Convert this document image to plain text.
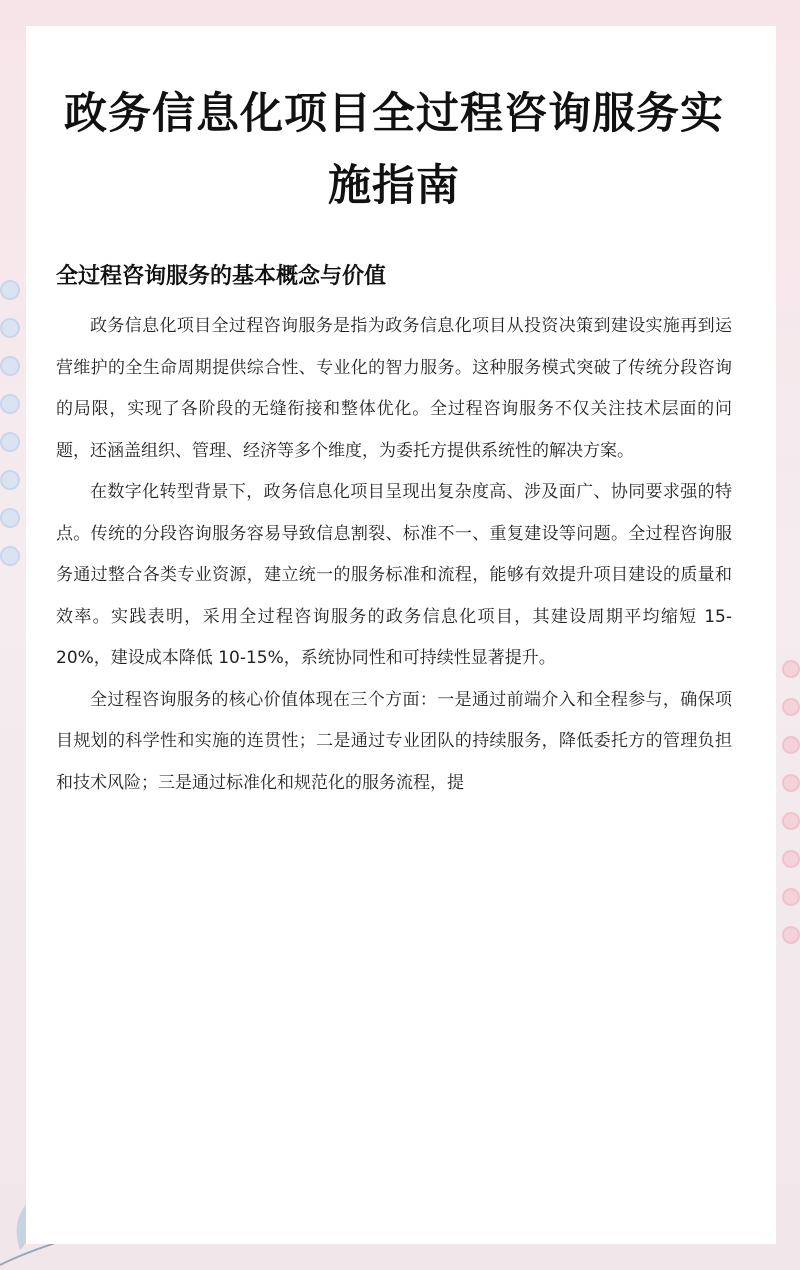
政务信息化项目全过程咨询服务实施指南
全过程咨询服务的基本概念与价值

政务信息化项目全过程咨询服务是指为政务信息化项目从投资决策到建设实施再到运营维护的全生命周期提供综合性、专业化的智力服务。这种服务模式突破了传统分段咨询的局限，实现了各阶段的无缝衔接和整体优化。全过程咨询服务不仅关注技术层面的问题，还涵盖组织、管理、经济等多个维度，为委托方提供系统性的解决方案。

在数字化转型背景下，政务信息化项目呈现出复杂度高、涉及面广、协同要求强的特点。传统的分段咨询服务容易导致信息割裂、标准不一、重复建设等问题。全过程咨询服务通过整合各类专业资源，建立统一的服务标准和流程，能够有效提升项目建设的质量和效率。实践表明，采用全过程咨询服务的政务信息化项目，其建设周期平均缩短 15-20%，建设成本降低 10-15%，系统协同性和可持续性显著提升。

全过程咨询服务的核心价值体现在三个方面：一是通过前端介入和全程参与，确保项目规划的科学性和实施的连贯性；二是通过专业团队的持续服务，降低委托方的管理负担和技术风险；三是通过标准化和规范化的服务流程，提
